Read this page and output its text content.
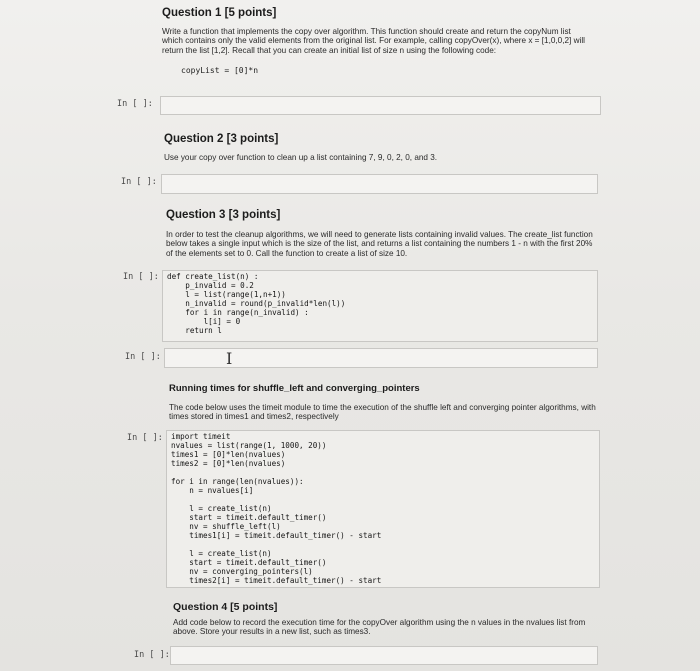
Question 1 [5 points]
Write a function that implements the copy over algorithm. This function should create and return the copyNum list which contains only the valid elements from the original list. For example, calling copyOver(x), where x = [1,0,0,2] will return the list [1,2]. Recall that you can create an initial list of size n using the following code:
copyList = [0]*n
In [ ]:
Question 2 [3 points]
Use your copy over function to clean up a list containing 7, 9, 0, 2, 0, and 3.
In [ ]:
Question 3 [3 points]
In order to test the cleanup algorithms, we will need to generate lists containing invalid values. The create_list function below takes a single input which is the size of the list, and returns a list containing the numbers 1 - n with the first 20% of the elements set to 0. Call the function to create a list of size 10.
In [ ]: def create_list(n) :
p_invalid = 0.2
l = list(range(1,n+1))
n_invalid = round(p_invalid*len(l))
for i in range(n_invalid) :
l[i] = 0
return l
In [ ]:	I
Running times for shuffle_left and converging_pointers
The code below uses the timeit module to time the execution of the shuffle left and converging pointer algorithms, with times stored in times1 and times2, respectively
In [ ]: import timeit
nvalues = list(range(1, 1000, 20))
times1 = [0]*len(nvalues)
times2 = [0]*len(nvalues)
for i in range(len(nvalues)):
n = nvalues[i]
l = create_list(n)
start = timeit.default_timer()
nv = shuffle_left(l)
times1[i] = timeit.default_timer() - start
l = create_list(n)
start = timeit.default_timer()
nv = converging_pointers(l)
times2[i] = timeit.default_timer() - start
Question 4 [5 points]
Add code below to record the execution time for the copyOver algorithm using the n values in the nvalues list from above. Store your results in a new list, such as times3.
In [ ]:
